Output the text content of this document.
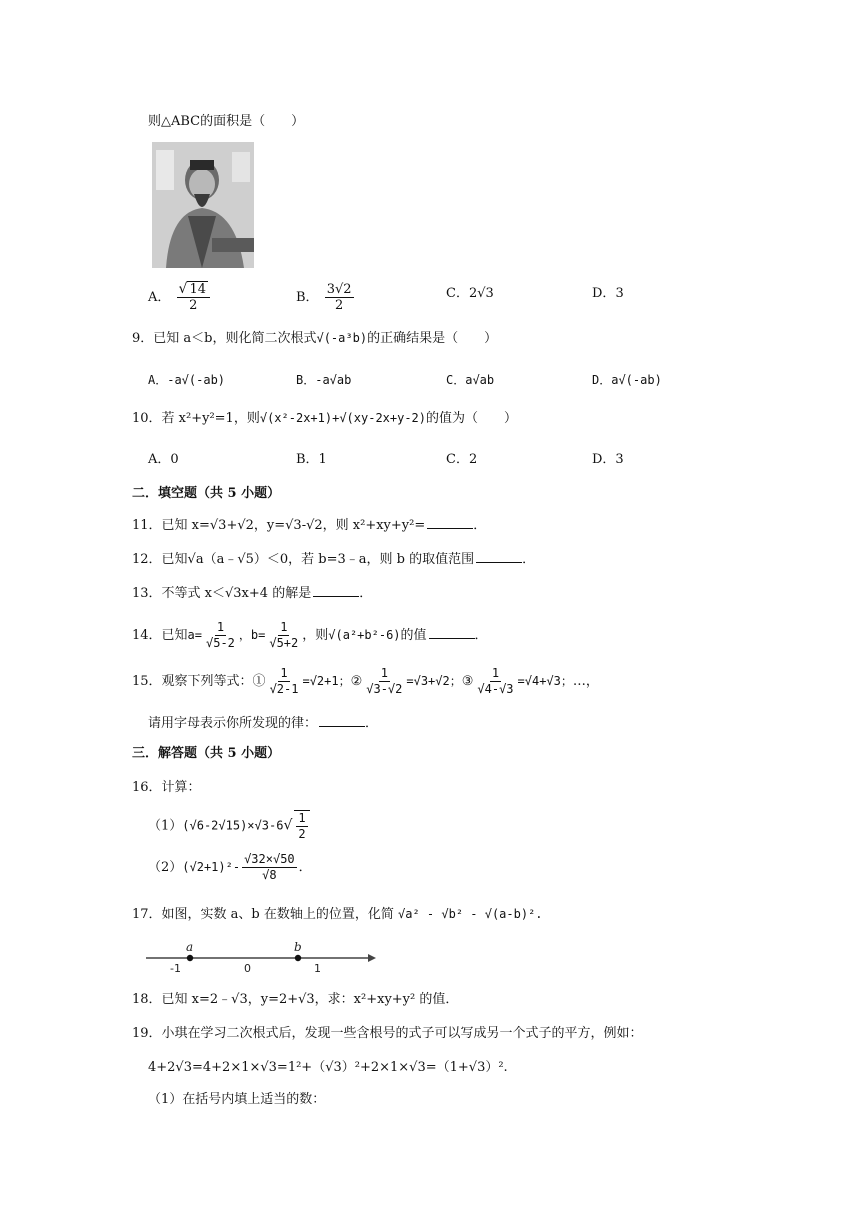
则△ABC的面积是（　　）
A． $\frac{√ 14}{2}$	B． $\frac{3√2}{2}$	C．2√3	D．3
9．已知 a＜b，则化简二次根式√(-a³b)的正确结果是（　　）
A．-a√(-ab)	B．-a√ab	C．a√ab	D．a√(-ab)
10．若 x²+y²=1，则√(x²-2x+1)+√(xy-2x+y-2)的值为（　　）
A．0	B．1	C．2	D．3
二．填空题（共 5 小题）
11．已知 x=√3+√2，y=√3-√2，则 x²+xy+y²=	．
12．已知√a（a﹣√5）＜0，若 b=3﹣a，则 b 的取值范围	．
13．不等式 x＜√3x+4 的解是	．
14．已知$a= \frac{1}{√5-2}$ ，$b= \frac{1}{√5+2}$ ，则√(a²+b²-6)的值	．
15．观察下列等式：① $\frac{1}{√2-1} =√2+1$；② $\frac{1}{√3-√2} =√3+√2$；③ $\frac{1}{√4-√3} =√4+√3$；…，
请用字母表示你所发现的律：	．
三．解答题（共 5 小题）
16．计算：
$(1)(√6-2√15)\times√3-6√ \frac{1}{2}$
$(2)(√2+1)^2- \frac{√32\times√50}{√8}$ ．
17．如图，实数 a、b 在数轴上的位置，化简 √a² - √b² - √(a-b)².
a	b
-1	0	1
18．已知 x=2﹣√3，y=2+√3，求：x²+xy+y² 的值．
19．小琪在学习二次根式后，发现一些含根号的式子可以写成另一个式子的平方，例如：
4+2√3=4+2×1×√3=1²+（√3）²+2×1×√3=（1+√3）².
（1）在括号内填上适当的数：
